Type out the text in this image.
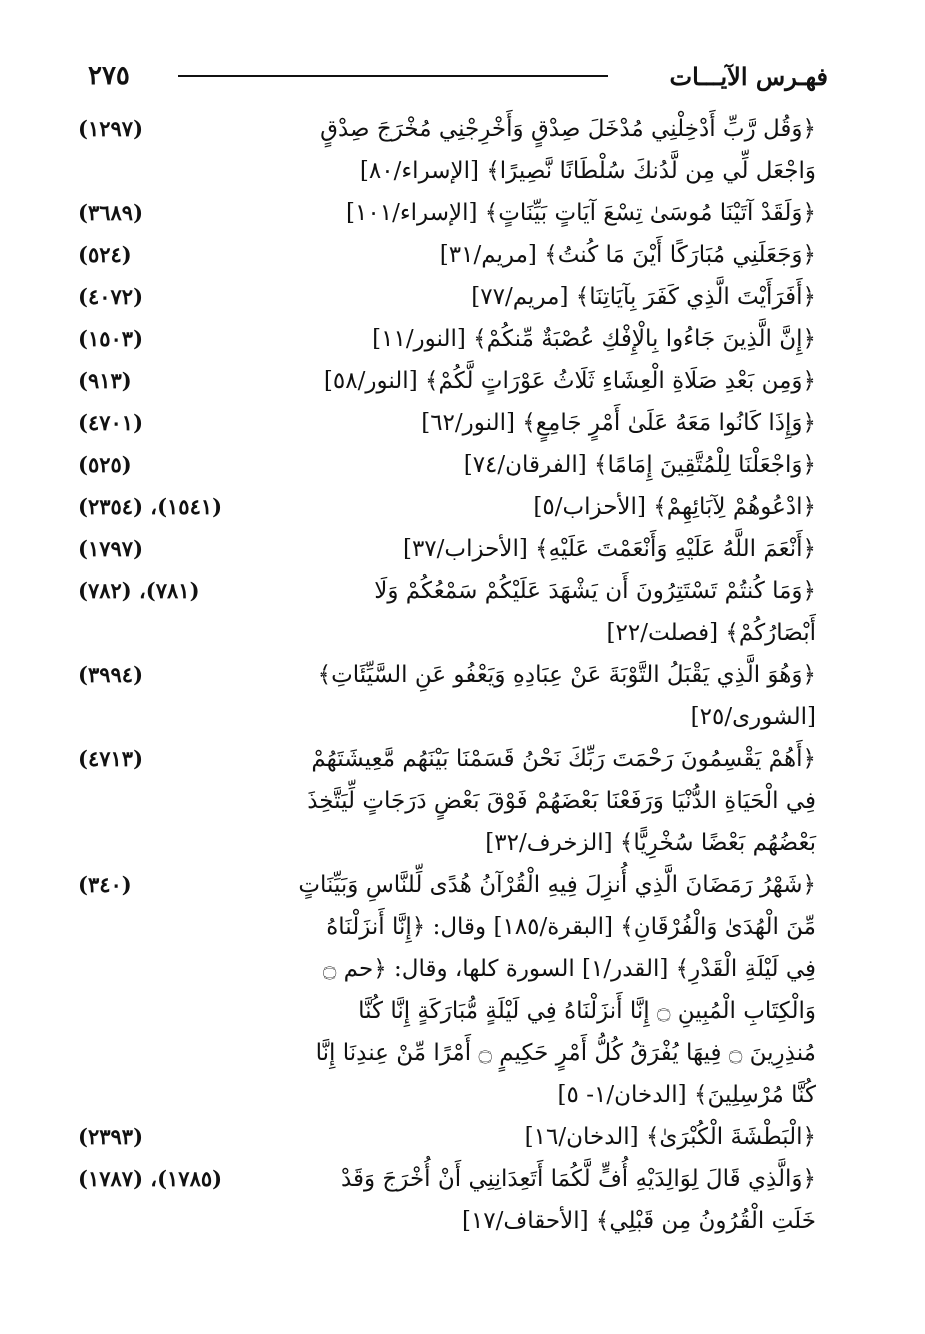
٢٧٥	فهـرس الآيـــات
(١٢٩٧)	﴿وَقُل رَّبِّ أَدْخِلْنِي مُدْخَلَ صِدْقٍ وَأَخْرِجْنِي مُخْرَجَ صِدْقٍ وَاجْعَل لِّي مِن لَّدُنكَ سُلْطَانًا نَّصِيرًا﴾ [الإسراء/٨٠]
(٣٦٨٩)	﴿وَلَقَدْ آتَيْنَا مُوسَىٰ تِسْعَ آيَاتٍ بَيِّنَاتٍ﴾ [الإسراء/١٠١]
(٥٢٤)	﴿وَجَعَلَنِي مُبَارَكًا أَيْنَ مَا كُنتُ﴾ [مريم/٣١]
(٤٠٧٢)	﴿أَفَرَأَيْتَ الَّذِي كَفَرَ بِآيَاتِنَا﴾ [مريم/٧٧]
(١٥٠٣)	﴿إِنَّ الَّذِينَ جَاءُوا بِالْإِفْكِ عُصْبَةٌ مِّنكُمْ﴾ [النور/١١]
(٩١٣)	﴿وَمِن بَعْدِ صَلَاةِ الْعِشَاءِ ثَلَاثُ عَوْرَاتٍ لَّكُمْ﴾ [النور/٥٨]
(٤٧٠١)	﴿وَإِذَا كَانُوا مَعَهُ عَلَىٰ أَمْرٍ جَامِعٍ﴾ [النور/٦٢]
(٥٢٥)	﴿وَاجْعَلْنَا لِلْمُتَّقِينَ إِمَامًا﴾ [الفرقان/٧٤]
(١٥٤١)، (٢٣٥٤)	﴿ادْعُوهُمْ لِآبَائِهِمْ﴾ [الأحزاب/٥]
(١٧٩٧)	﴿أَنْعَمَ اللَّهُ عَلَيْهِ وَأَنْعَمْتَ عَلَيْهِ﴾ [الأحزاب/٣٧]
(٧٨١)، (٧٨٢)	﴿وَمَا كُنتُمْ تَسْتَتِرُونَ أَن يَشْهَدَ عَلَيْكُمْ سَمْعُكُمْ وَلَا أَبْصَارُكُمْ﴾ [فصلت/٢٢]
(٣٩٩٤)	﴿وَهُوَ الَّذِي يَقْبَلُ التَّوْبَةَ عَنْ عِبَادِهِ وَيَعْفُو عَنِ السَّيِّئَاتِ﴾ [الشورى/٢٥]
(٤٧١٣)	﴿أَهُمْ يَقْسِمُونَ رَحْمَتَ رَبِّكَ نَحْنُ قَسَمْنَا بَيْنَهُم مَّعِيشَتَهُمْ فِي الْحَيَاةِ الدُّنْيَا وَرَفَعْنَا بَعْضَهُمْ فَوْقَ بَعْضٍ دَرَجَاتٍ لِّيَتَّخِذَ بَعْضُهُم بَعْضًا سُخْرِيًّا﴾ [الزخرف/٣٢]
(٣٤٠)	﴿شَهْرُ رَمَضَانَ الَّذِي أُنزِلَ فِيهِ الْقُرْآنُ هُدًى لِّلنَّاسِ وَبَيِّنَاتٍ مِّنَ الْهُدَىٰ وَالْفُرْقَانِ﴾ [البقرة/١٨٥] وقال: ﴿إِنَّا أَنزَلْنَاهُ فِي لَيْلَةِ الْقَدْرِ﴾ [القدر/١] السورة كلها، وقال: ﴿حم ۝ وَالْكِتَابِ الْمُبِينِ ۝ إِنَّا أَنزَلْنَاهُ فِي لَيْلَةٍ مُّبَارَكَةٍ إِنَّا كُنَّا مُنذِرِينَ ۝ فِيهَا يُفْرَقُ كُلُّ أَمْرٍ حَكِيمٍ ۝ أَمْرًا مِّنْ عِندِنَا إِنَّا كُنَّا مُرْسِلِينَ﴾ [الدخان/١- ٥]
(٢٣٩٣)	﴿الْبَطْشَةَ الْكُبْرَىٰ﴾ [الدخان/١٦]
(١٧٨٥)، (١٧٨٧)	﴿وَالَّذِي قَالَ لِوَالِدَيْهِ أُفٍّ لَّكُمَا أَتَعِدَانِنِي أَنْ أُخْرَجَ وَقَدْ خَلَتِ الْقُرُونُ مِن قَبْلِي﴾ [الأحقاف/١٧]
